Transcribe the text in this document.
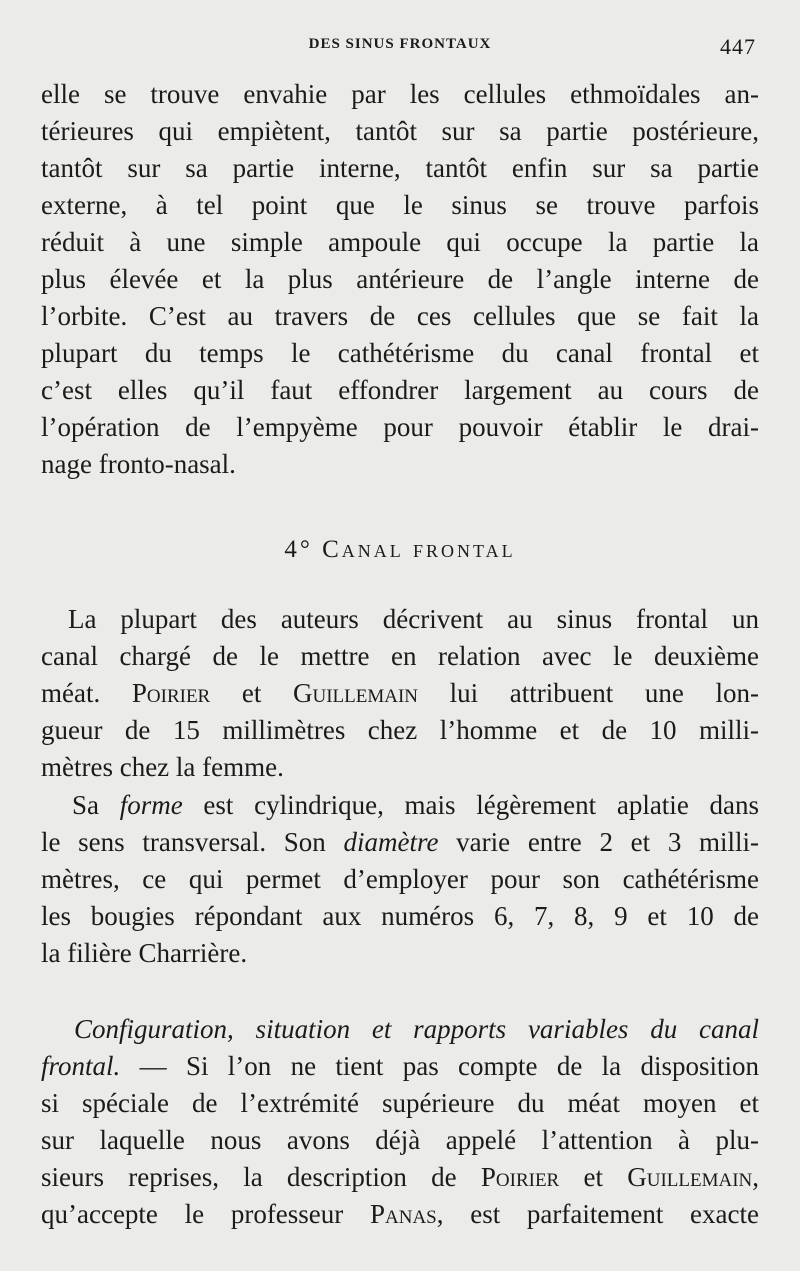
DES SINUS FRONTAUX	447
elle se trouve envahie par les cellules ethmoïdales an-
térieures qui empiètent, tantôt sur sa partie postérieure,
tantôt sur sa partie interne, tantôt enfin sur sa partie
externe, à tel point que le sinus se trouve parfois
réduit à une simple ampoule qui occupe la partie la
plus élevée et la plus antérieure de l’angle interne de
l’orbite. C’est au travers de ces cellules que se fait la
plupart du temps le cathétérisme du canal frontal et
c’est elles qu’il faut effondrer largement au cours de
l’opération de l’empyème pour pouvoir établir le drai-
nage fronto-nasal.
4° Canal frontal
La plupart des auteurs décrivent au sinus frontal un
canal chargé de le mettre en relation avec le deuxième
méat. Poirier et Guillemain lui attribuent une lon-
gueur de 15 millimètres chez l’homme et de 10 milli-
mètres chez la femme.
Sa forme est cylindrique, mais légèrement aplatie dans
le sens transversal. Son diamètre varie entre 2 et 3 milli-
mètres, ce qui permet d’employer pour son cathétérisme
les bougies répondant aux numéros 6, 7, 8, 9 et 10 de
la filière Charrière.
Configuration, situation et rapports variables du canal
frontal. — Si l’on ne tient pas compte de la disposition
si spéciale de l’extrémité supérieure du méat moyen et
sur laquelle nous avons déjà appelé l’attention à plu-
sieurs reprises, la description de Poirier et Guillemain,
qu’accepte le professeur Panas, est parfaitement exacte
